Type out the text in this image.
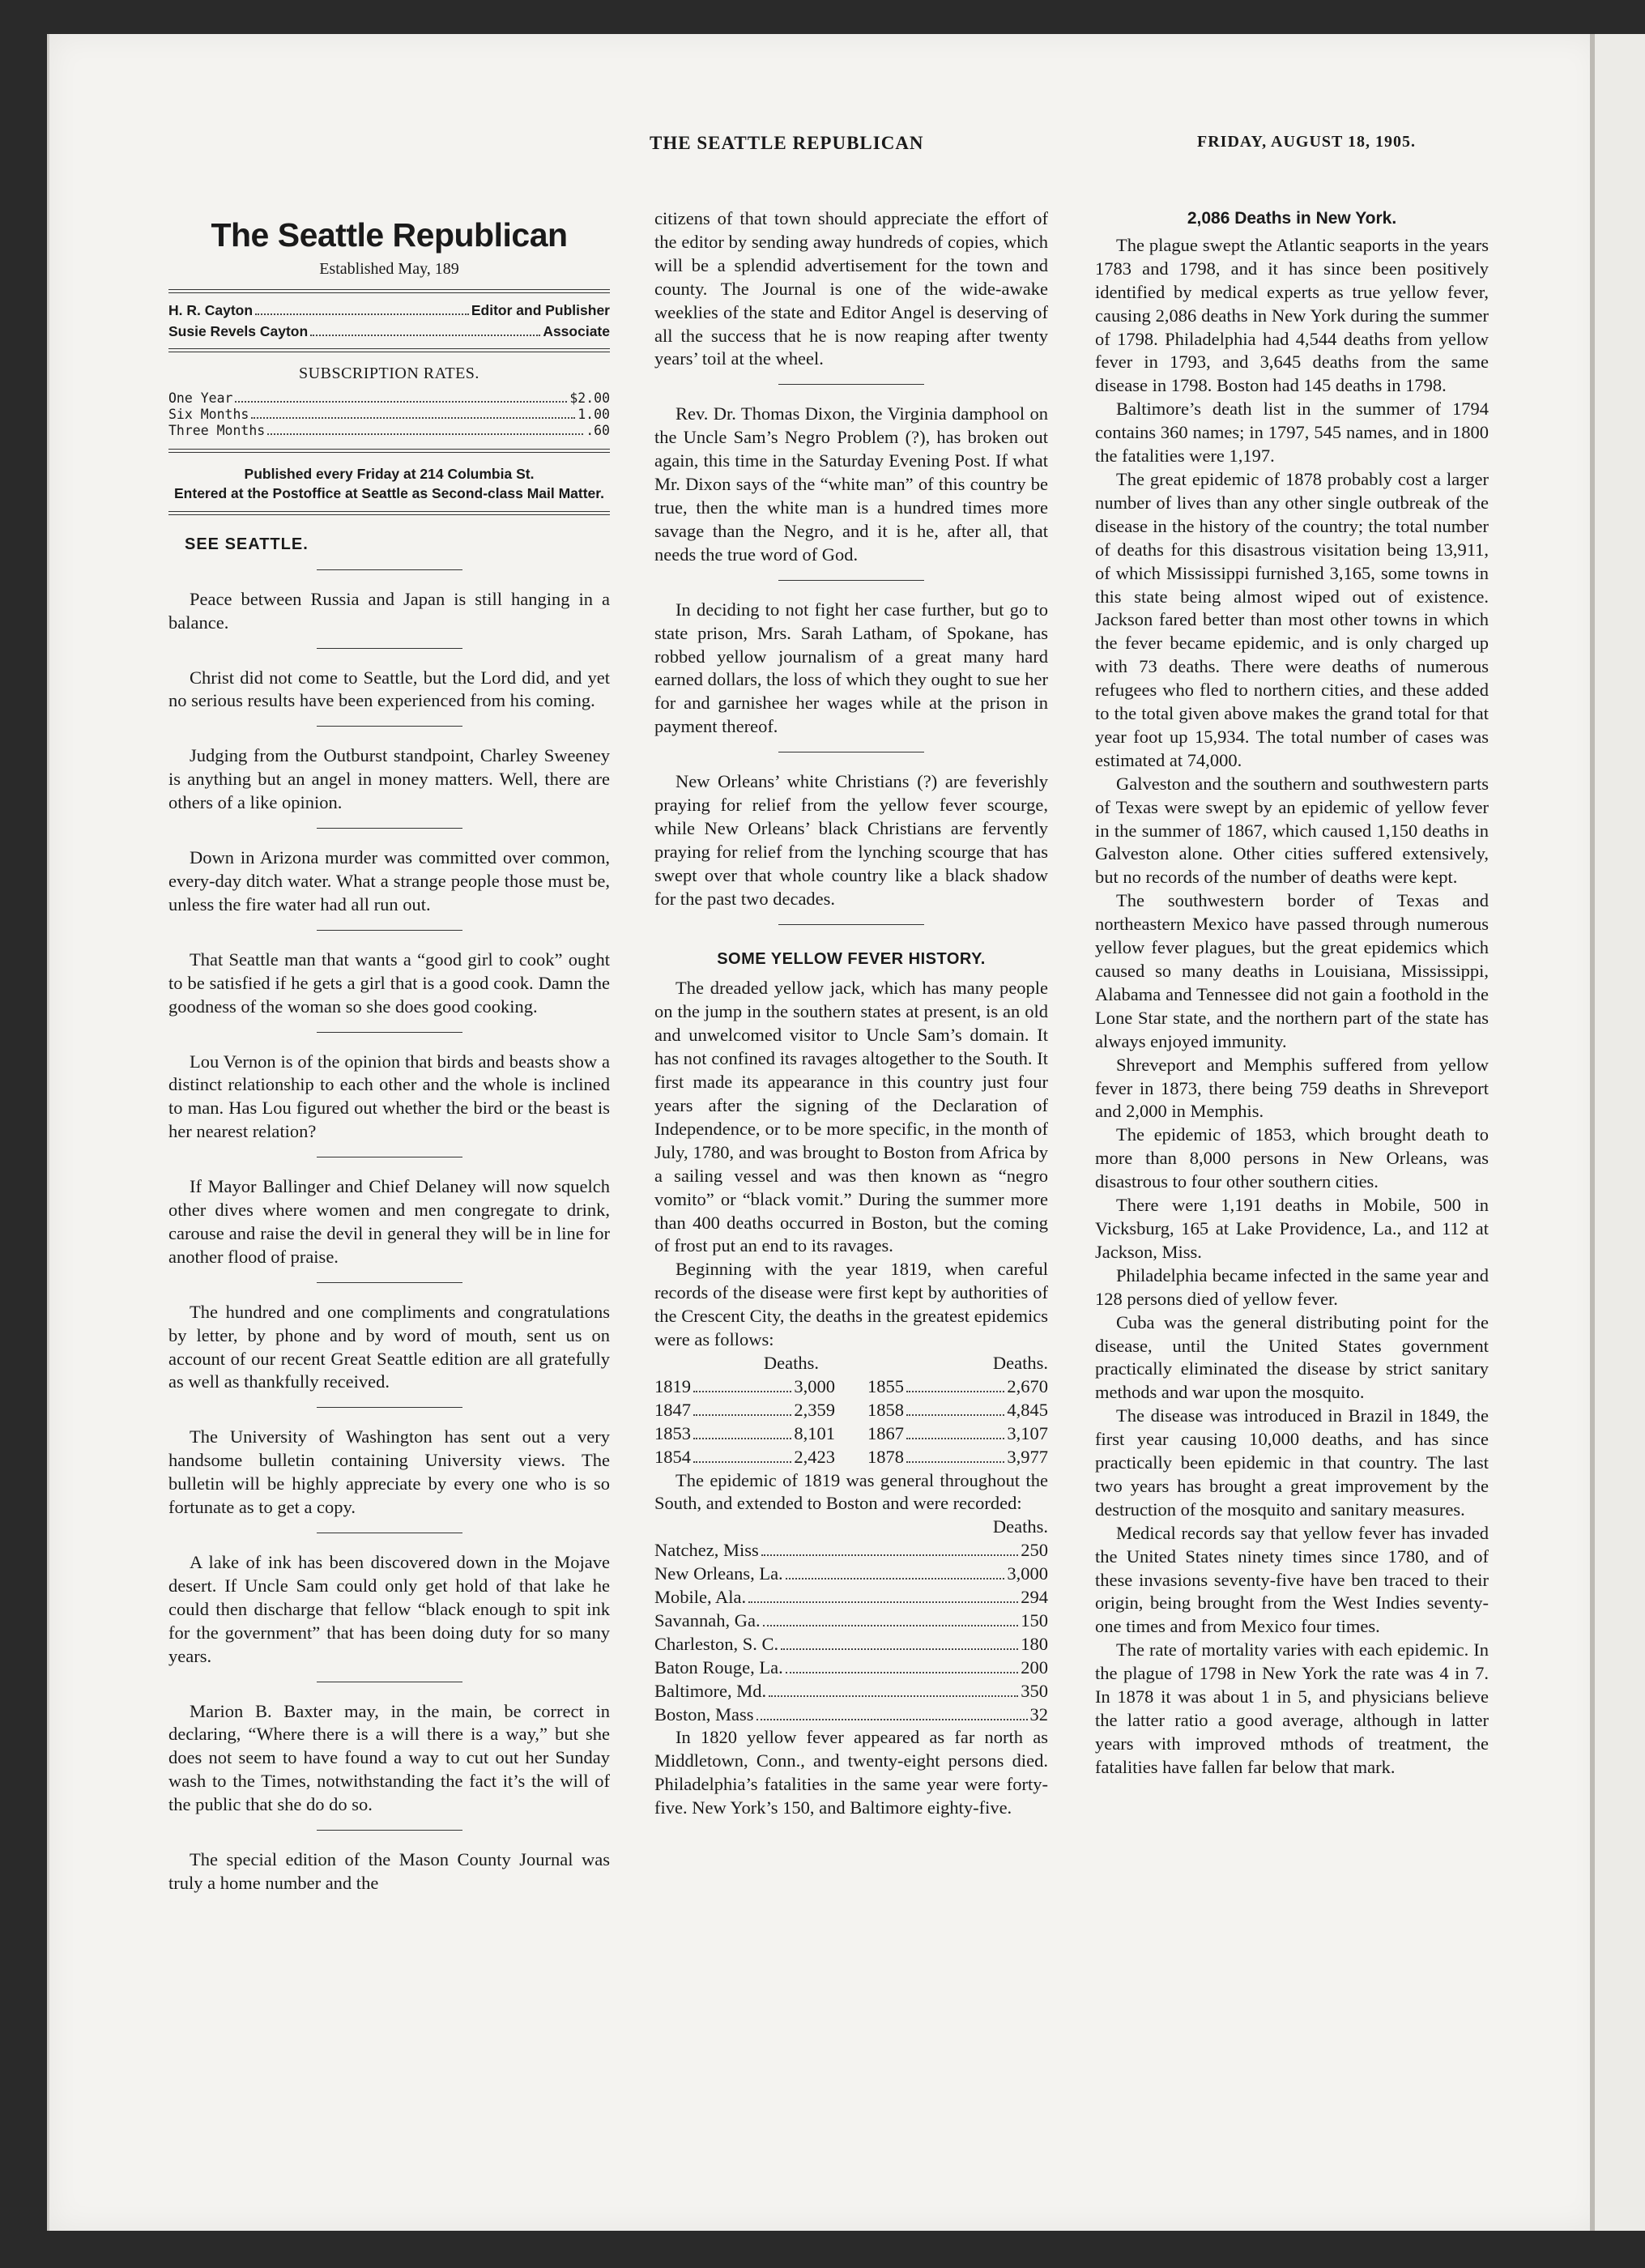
THE SEATTLE REPUBLICAN	FRIDAY, AUGUST 18, 1905.
The Seattle Republican
Established May, 189
H. R. Cayton	Editor and Publisher
Susie Revels Cayton	Associate
SUBSCRIPTION RATES.
One Year	$2.00
Six Months	1.00
Three Months	.60
Published every Friday at 214 Columbia St.
Entered at the Postoffice at Seattle as Second-class Mail Matter.
SEE SEATTLE.

Peace between Russia and Japan is still hanging in a balance.

Christ did not come to Seattle, but the Lord did, and yet no serious results have been experienced from his coming.

Judging from the Outburst standpoint, Charley Sweeney is anything but an angel in money matters. Well, there are others of a like opinion.

Down in Arizona murder was committed over common, every-day ditch water. What a strange people those must be, unless the fire water had all run out.

That Seattle man that wants a “good girl to cook” ought to be satisfied if he gets a girl that is a good cook. Damn the goodness of the woman so she does good cooking.

Lou Vernon is of the opinion that birds and beasts show a distinct relationship to each other and the whole is inclined to man. Has Lou figured out whether the bird or the beast is her nearest relation?

If Mayor Ballinger and Chief Delaney will now squelch other dives where women and men congregate to drink, carouse and raise the devil in general they will be in line for another flood of praise.

The hundred and one compliments and congratulations by letter, by phone and by word of mouth, sent us on account of our recent Great Seattle edition are all gratefully as well as thankfully received.

The University of Washington has sent out a very handsome bulletin containing University views. The bulletin will be highly appreciate by every one who is so fortunate as to get a copy.

A lake of ink has been discovered down in the Mojave desert. If Uncle Sam could only get hold of that lake he could then discharge that fellow “black enough to spit ink for the government” that has been doing duty for so many years.

Marion B. Baxter may, in the main, be correct in declaring, “Where there is a will there is a way,” but she does not seem to have found a way to cut out her Sunday wash to the Times, notwithstanding the fact it’s the will of the public that she do do so.

The special edition of the Mason County Journal was truly a home number and the

citizens of that town should appreciate the effort of the editor by sending away hundreds of copies, which will be a splendid advertisement for the town and county. The Journal is one of the wide-awake weeklies of the state and Editor Angel is deserving of all the success that he is now reaping after twenty years’ toil at the wheel.

Rev. Dr. Thomas Dixon, the Virginia damphool on the Uncle Sam’s Negro Problem (?), has broken out again, this time in the Saturday Evening Post. If what Mr. Dixon says of the “white man” of this country be true, then the white man is a hundred times more savage than the Negro, and it is he, after all, that needs the true word of God.

In deciding to not fight her case further, but go to state prison, Mrs. Sarah Latham, of Spokane, has robbed yellow journalism of a great many hard earned dollars, the loss of which they ought to sue her for and garnishee her wages while at the prison in payment thereof.

New Orleans’ white Christians (?) are feverishly praying for relief from the yellow fever scourge, while New Orleans’ black Christians are fervently praying for relief from the lynching scourge that has swept over that whole country like a black shadow for the past two decades.

SOME YELLOW FEVER HISTORY.

The dreaded yellow jack, which has many people on the jump in the southern states at present, is an old and unwelcomed visitor to Uncle Sam’s domain. It has not confined its ravages altogether to the South. It first made its appearance in this country just four years after the signing of the Declaration of Independence, or to be more specific, in the month of July, 1780, and was brought to Boston from Africa by a sailing vessel and was then known as “negro vomito” or “black vomit.” During the summer more than 400 deaths occurred in Boston, but the coming of frost put an end to its ravages.

Beginning with the year 1819, when careful records of the disease were first kept by authorities of the Crescent City, the deaths in the greatest epidemics were as follows:

Deaths.
1819	3,000
1847	2,359
1853	8,101
1854	2,423
Deaths.
1855	2,670
1858	4,845
1867	3,107
1878	3,977

The epidemic of 1819 was general throughout the South, and extended to Boston and were recorded:

Deaths.
Natchez, Miss	250
New Orleans, La.	3,000
Mobile, Ala.	294
Savannah, Ga.	150
Charleston, S. C.	180
Baton Rouge, La.	200
Baltimore, Md.	350
Boston, Mass	32

In 1820 yellow fever appeared as far north as Middletown, Conn., and twenty-eight persons died. Philadelphia’s fatalities in the same year were forty-five. New York’s 150, and Baltimore eighty-five.

2,086 Deaths in New York.

The plague swept the Atlantic seaports in the years 1783 and 1798, and it has since been positively identified by medical experts as true yellow fever, causing 2,086 deaths in New York during the summer of 1798. Philadelphia had 4,544 deaths from yellow fever in 1793, and 3,645 deaths from the same disease in 1798. Boston had 145 deaths in 1798.

Baltimore’s death list in the summer of 1794 contains 360 names; in 1797, 545 names, and in 1800 the fatalities were 1,197.

The great epidemic of 1878 probably cost a larger number of lives than any other single outbreak of the disease in the history of the country; the total number of deaths for this disastrous visitation being 13,911, of which Mississippi furnished 3,165, some towns in this state being almost wiped out of existence. Jackson fared better than most other towns in which the fever became epidemic, and is only charged up with 73 deaths. There were deaths of numerous refugees who fled to northern cities, and these added to the total given above makes the grand total for that year foot up 15,934. The total number of cases was estimated at 74,000.

Galveston and the southern and southwestern parts of Texas were swept by an epidemic of yellow fever in the summer of 1867, which caused 1,150 deaths in Galveston alone. Other cities suffered extensively, but no records of the number of deaths were kept.

The southwestern border of Texas and northeastern Mexico have passed through numerous yellow fever plagues, but the great epidemics which caused so many deaths in Louisiana, Mississippi, Alabama and Tennessee did not gain a foothold in the Lone Star state, and the northern part of the state has always enjoyed immunity.

Shreveport and Memphis suffered from yellow fever in 1873, there being 759 deaths in Shreveport and 2,000 in Memphis.

The epidemic of 1853, which brought death to more than 8,000 persons in New Orleans, was disastrous to four other southern cities.

There were 1,191 deaths in Mobile, 500 in Vicksburg, 165 at Lake Providence, La., and 112 at Jackson, Miss.

Philadelphia became infected in the same year and 128 persons died of yellow fever.

Cuba was the general distributing point for the disease, until the United States government practically eliminated the disease by strict sanitary methods and war upon the mosquito.

The disease was introduced in Brazil in 1849, the first year causing 10,000 deaths, and has since practically been epidemic in that country. The last two years has brought a great improvement by the destruction of the mosquito and sanitary measures.

Medical records say that yellow fever has invaded the United States ninety times since 1780, and of these invasions seventy-five have ben traced to their origin, being brought from the West Indies seventy-one times and from Mexico four times.

The rate of mortality varies with each epidemic. In the plague of 1798 in New York the rate was 4 in 7. In 1878 it was about 1 in 5, and physicians believe the latter ratio a good average, although in latter years with improved mthods of treatment, the fatalities have fallen far below that mark.
